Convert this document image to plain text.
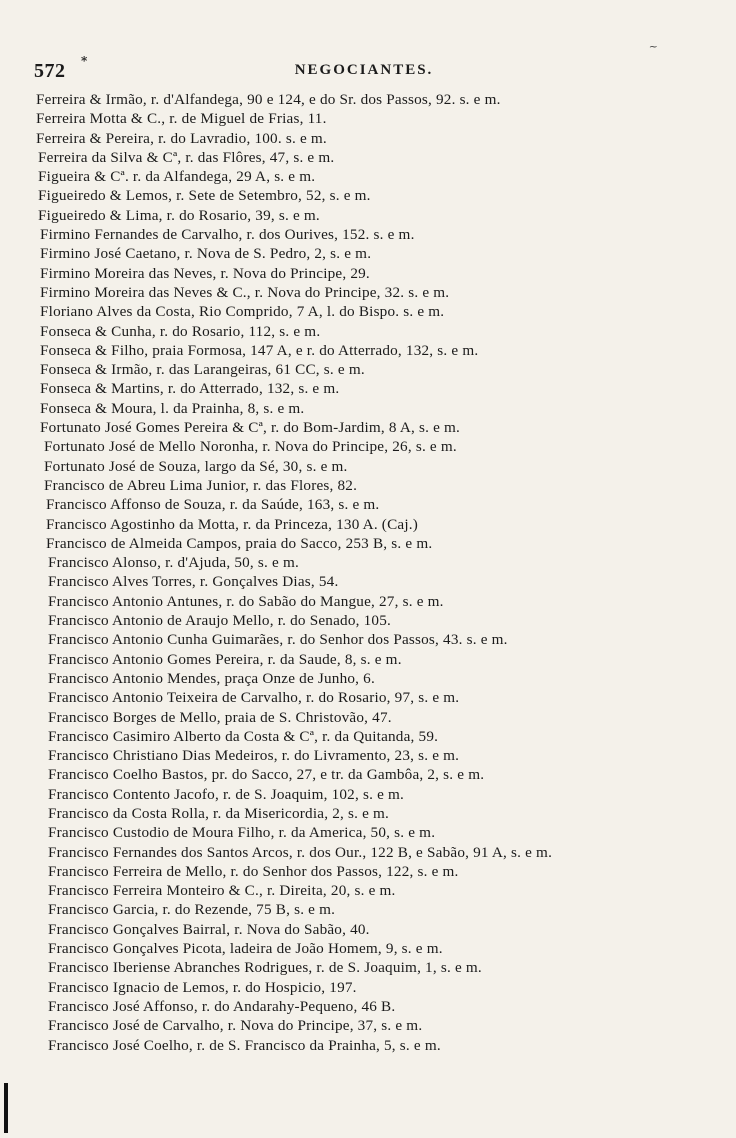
~
572 *
NEGOCIANTES.
Ferreira & Irmão, r. d'Alfandega, 90 e 124, e do Sr. dos Passos, 92. s. e m.
Ferreira Motta & C., r. de Miguel de Frias, 11.
Ferreira & Pereira, r. do Lavradio, 100. s. e m.
Ferreira da Silva & Cª, r. das Flôres, 47, s. e m.
Figueira & Cª. r. da Alfandega, 29 A, s. e m.
Figueiredo & Lemos, r. Sete de Setembro, 52, s. e m.
Figueiredo & Lima, r. do Rosario, 39, s. e m.
Firmino Fernandes de Carvalho, r. dos Ourives, 152. s. e m.
Firmino José Caetano, r. Nova de S. Pedro, 2, s. e m.
Firmino Moreira das Neves, r. Nova do Principe, 29.
Firmino Moreira das Neves & C., r. Nova do Principe, 32. s. e m.
Floriano Alves da Costa, Rio Comprido, 7 A, l. do Bispo. s. e m.
Fonseca & Cunha, r. do Rosario, 112, s. e m.
Fonseca & Filho, praia Formosa, 147 A, e r. do Atterrado, 132, s. e m.
Fonseca & Irmão, r. das Larangeiras, 61 CC, s. e m.
Fonseca & Martins, r. do Atterrado, 132, s. e m.
Fonseca & Moura, l. da Prainha, 8, s. e m.
Fortunato José Gomes Pereira & Cª, r. do Bom-Jardim, 8 A, s. e m.
Fortunato José de Mello Noronha, r. Nova do Principe, 26, s. e m.
Fortunato José de Souza, largo da Sé, 30, s. e m.
Francisco de Abreu Lima Junior, r. das Flores, 82.
Francisco Affonso de Souza, r. da Saúde, 163, s. e m.
Francisco Agostinho da Motta, r. da Princeza, 130 A. (Caj.)
Francisco de Almeida Campos, praia do Sacco, 253 B, s. e m.
Francisco Alonso, r. d'Ajuda, 50, s. e m.
Francisco Alves Torres, r. Gonçalves Dias, 54.
Francisco Antonio Antunes, r. do Sabão do Mangue, 27, s. e m.
Francisco Antonio de Araujo Mello, r. do Senado, 105.
Francisco Antonio Cunha Guimarães, r. do Senhor dos Passos, 43. s. e m.
Francisco Antonio Gomes Pereira, r. da Saude, 8, s. e m.
Francisco Antonio Mendes, praça Onze de Junho, 6.
Francisco Antonio Teixeira de Carvalho, r. do Rosario, 97, s. e m.
Francisco Borges de Mello, praia de S. Christovão, 47.
Francisco Casimiro Alberto da Costa & Cª, r. da Quitanda, 59.
Francisco Christiano Dias Medeiros, r. do Livramento, 23, s. e m.
Francisco Coelho Bastos, pr. do Sacco, 27, e tr. da Gambôa, 2, s. e m.
Francisco Contento Jacofo, r. de S. Joaquim, 102, s. e m.
Francisco da Costa Rolla, r. da Misericordia, 2, s. e m.
Francisco Custodio de Moura Filho, r. da America, 50, s. e m.
Francisco Fernandes dos Santos Arcos, r. dos Our., 122 B, e Sabão, 91 A, s. e m.
Francisco Ferreira de Mello, r. do Senhor dos Passos, 122, s. e m.
Francisco Ferreira Monteiro & C., r. Direita, 20, s. e m.
Francisco Garcia, r. do Rezende, 75 B, s. e m.
Francisco Gonçalves Bairral, r. Nova do Sabão, 40.
Francisco Gonçalves Picota, ladeira de João Homem, 9, s. e m.
Francisco Iberiense Abranches Rodrigues, r. de S. Joaquim, 1, s. e m.
Francisco Ignacio de Lemos, r. do Hospicio, 197.
Francisco José Affonso, r. do Andarahy-Pequeno, 46 B.
Francisco José de Carvalho, r. Nova do Principe, 37, s. e m.
Francisco José Coelho, r. de S. Francisco da Prainha, 5, s. e m.
